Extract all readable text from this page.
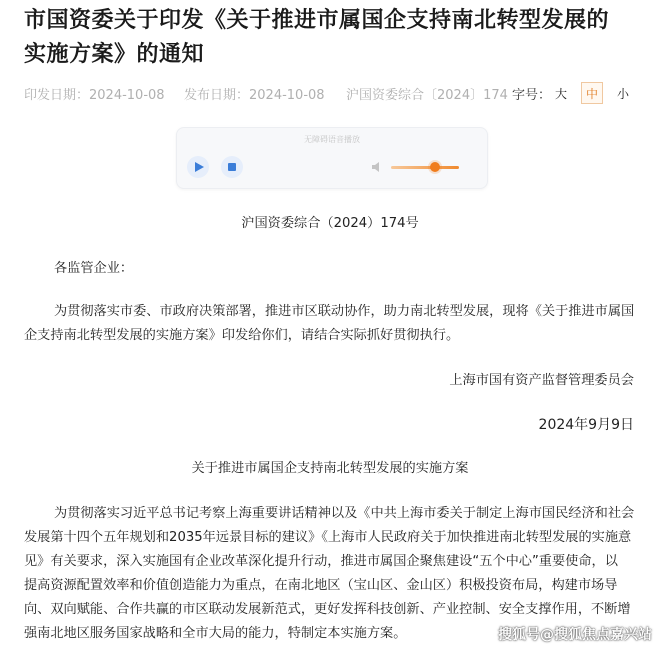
市国资委关于印发《关于推进市属国企支持南北转型发展的
实施方案》的通知
印发日期：2024-10-08 发布日期：2024-10-08 沪国资委综合〔2024〕174 字号： 大	中	小
无障碍语音播放
沪国资委综合（2024）174号
各监管企业：
为贯彻落实市委、市政府决策部署，推进市区联动协作，助力南北转型发展，现将《关于推进市属国
企支持南北转型发展的实施方案》印发给你们，请结合实际抓好贯彻执行。
上海市国有资产监督管理委员会
2024年9月9日
关于推进市属国企支持南北转型发展的实施方案
为贯彻落实习近平总书记考察上海重要讲话精神以及《中共上海市委关于制定上海市国民经济和社会
发展第十四个五年规划和2035年远景目标的建议》《上海市人民政府关于加快推进南北转型发展的实施意
见》有关要求，深入实施国有企业改革深化提升行动，推进市属国企聚焦建设“五个中心”重要使命，以
提高资源配置效率和价值创造能力为重点，在南北地区（宝山区、金山区）积极投资布局，构建市场导
向、双向赋能、合作共赢的市区联动发展新范式，更好发挥科技创新、产业控制、安全支撑作用，不断增
强南北地区服务国家战略和全市大局的能力，特制定本实施方案。	搜狐号@搜狐焦点嘉兴站
